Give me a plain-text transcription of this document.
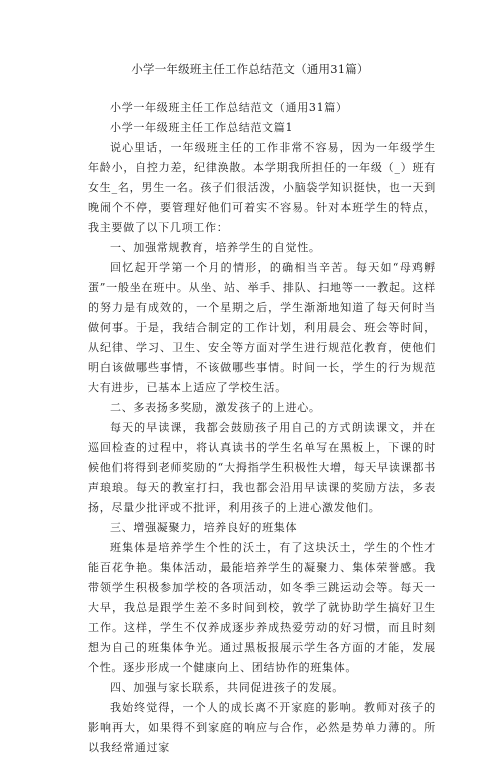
小学一年级班主任工作总结范文（通用31篇）

小学一年级班主任工作总结范文（通用31篇）

小学一年级班主任工作总结范文篇1

说心里话，一年级班主任的工作非常不容易，因为一年级学生年龄小，自控力差，纪律涣散。本学期我所担任的一年级（_）班有女生_名，男生一名。孩子们很活泼，小脑袋学知识挺快，也一天到晚闹个不停，要管理好他们可着实不容易。针对本班学生的特点，我主要做了以下几项工作：

一、加强常规教育，培养学生的自觉性。

回忆起开学第一个月的情形，的确相当辛苦。每天如“母鸡孵蛋”一般坐在班中。从坐、站、举手、排队、扫地等一一教起。这样的努力是有成效的，一个星期之后，学生渐渐地知道了每天何时当做何事。于是，我结合制定的工作计划，利用晨会、班会等时间，从纪律、学习、卫生、安全等方面对学生进行规范化教育，使他们明白该做哪些事情，不该做哪些事情。时间一长，学生的行为规范大有进步，已基本上适应了学校生活。

二、多表扬多奖励，激发孩子的上进心。

每天的早读课，我都会鼓励孩子用自己的方式朗读课文，并在巡回检查的过程中，将认真读书的学生名单写在黑板上，下课的时候他们将得到老师奖励的“大拇指学生积极性大增，每天早读课都书声琅琅。每天的教室打扫，我也都会沿用早读课的奖励方法，多表扬，尽量少批评或不批评，利用孩子的上进心激发他们。

三、增强凝聚力，培养良好的班集体

班集体是培养学生个性的沃土，有了这块沃土，学生的个性才能百花争艳。集体活动，最能培养学生的凝聚力、集体荣誉感。我带领学生积极参加学校的各项活动，如冬季三跳运动会等。每天一大早，我总是跟学生差不多时间到校，敦学了就协助学生搞好卫生工作。这样，学生不仅养成逐步养成热爱劳动的好习惯，而且时刻想为自己的班集体争光。通过黑板报展示学生各方面的才能，发展个性。逐步形成一个健康向上、团结协作的班集体。

四、加强与家长联系，共同促进孩子的发展。

我始终觉得，一个人的成长离不开家庭的影响。教师对孩子的影响再大，如果得不到家庭的响应与合作，必然是势单力薄的。所以我经常通过家
